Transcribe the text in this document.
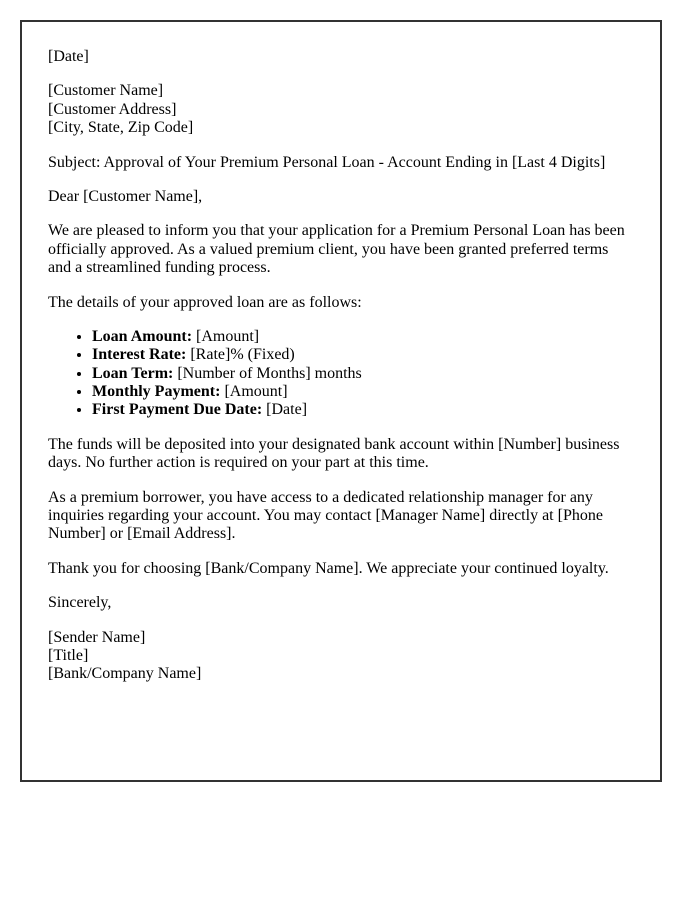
[Date]

[Customer Name]
[Customer Address]
[City, State, Zip Code]

Subject: Approval of Your Premium Personal Loan - Account Ending in [Last 4 Digits]

Dear [Customer Name],

We are pleased to inform you that your application for a Premium Personal Loan has been officially approved. As a valued premium client, you have been granted preferred terms and a streamlined funding process.

The details of your approved loan are as follows:

• Loan Amount: [Amount]
• Interest Rate: [Rate]% (Fixed)
• Loan Term: [Number of Months] months
• Monthly Payment: [Amount]
• First Payment Due Date: [Date]

The funds will be deposited into your designated bank account within [Number] business days. No further action is required on your part at this time.

As a premium borrower, you have access to a dedicated relationship manager for any inquiries regarding your account. You may contact [Manager Name] directly at [Phone Number] or [Email Address].

Thank you for choosing [Bank/Company Name]. We appreciate your continued loyalty.

Sincerely,

[Sender Name]
[Title]
[Bank/Company Name]
